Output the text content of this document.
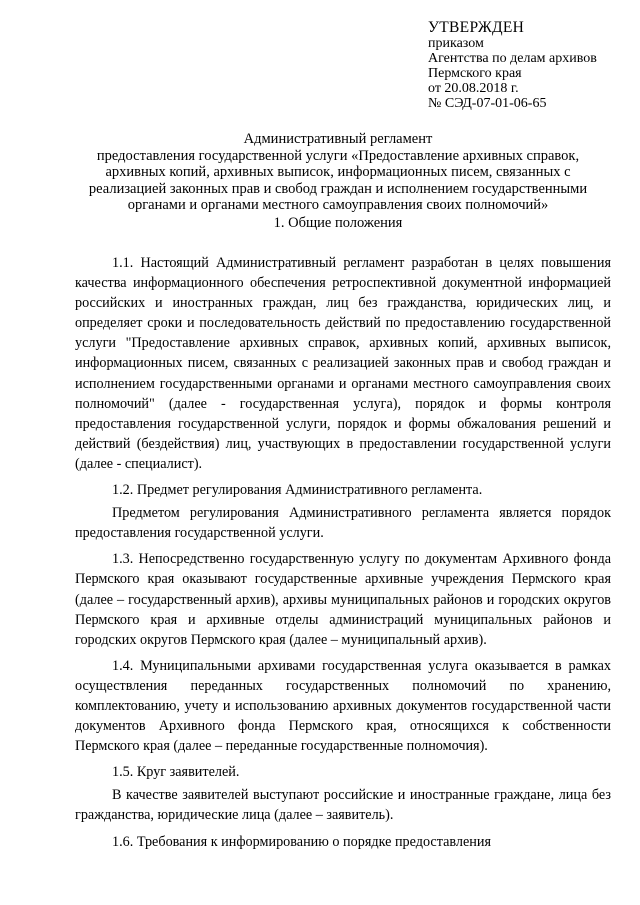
УТВЕРЖДЕН
приказом
Агентства по делам архивов
Пермского края
от 20.08.2018 г.
№ СЭД-07-01-06-65
Административный регламент
предоставления государственной услуги «Предоставление архивных справок, архивных копий, архивных выписок, информационных писем, связанных с реализацией законных прав и свобод граждан и исполнением государственными органами и органами местного самоуправления своих полномочий»
1. Общие положения

1.1. Настоящий Административный регламент разработан в целях повышения качества информационного обеспечения ретроспективной документной информацией российских и иностранных граждан, лиц без гражданства, юридических лиц, и определяет сроки и последовательность действий по предоставлению государственной услуги "Предоставление архивных справок, архивных копий, архивных выписок, информационных писем, связанных с реализацией законных прав и свобод граждан и исполнением государственными органами и органами местного самоуправления своих полномочий" (далее - государственная услуга), порядок и формы контроля предоставления государственной услуги, порядок и формы обжалования решений и действий (бездействия) лиц, участвующих в предоставлении государственной услуги (далее - специалист).

1.2. Предмет регулирования Административного регламента.

Предметом регулирования Административного регламента является порядок предоставления государственной услуги.

1.3. Непосредственно государственную услугу по документам Архивного фонда Пермского края оказывают государственные архивные учреждения Пермского края (далее – государственный архив), архивы муниципальных районов и городских округов Пермского края и архивные отделы администраций муниципальных районов и городских округов Пермского края (далее – муниципальный архив).

1.4. Муниципальными архивами государственная услуга оказывается в рамках осуществления переданных государственных полномочий по хранению, комплектованию, учету и использованию архивных документов государственной части документов Архивного фонда Пермского края, относящихся к собственности Пермского края (далее – переданные государственные полномочия).

1.5. Круг заявителей.

В качестве заявителей выступают российские и иностранные граждане, лица без гражданства, юридические лица (далее – заявитель).

1.6. Требования к информированию о порядке предоставления
